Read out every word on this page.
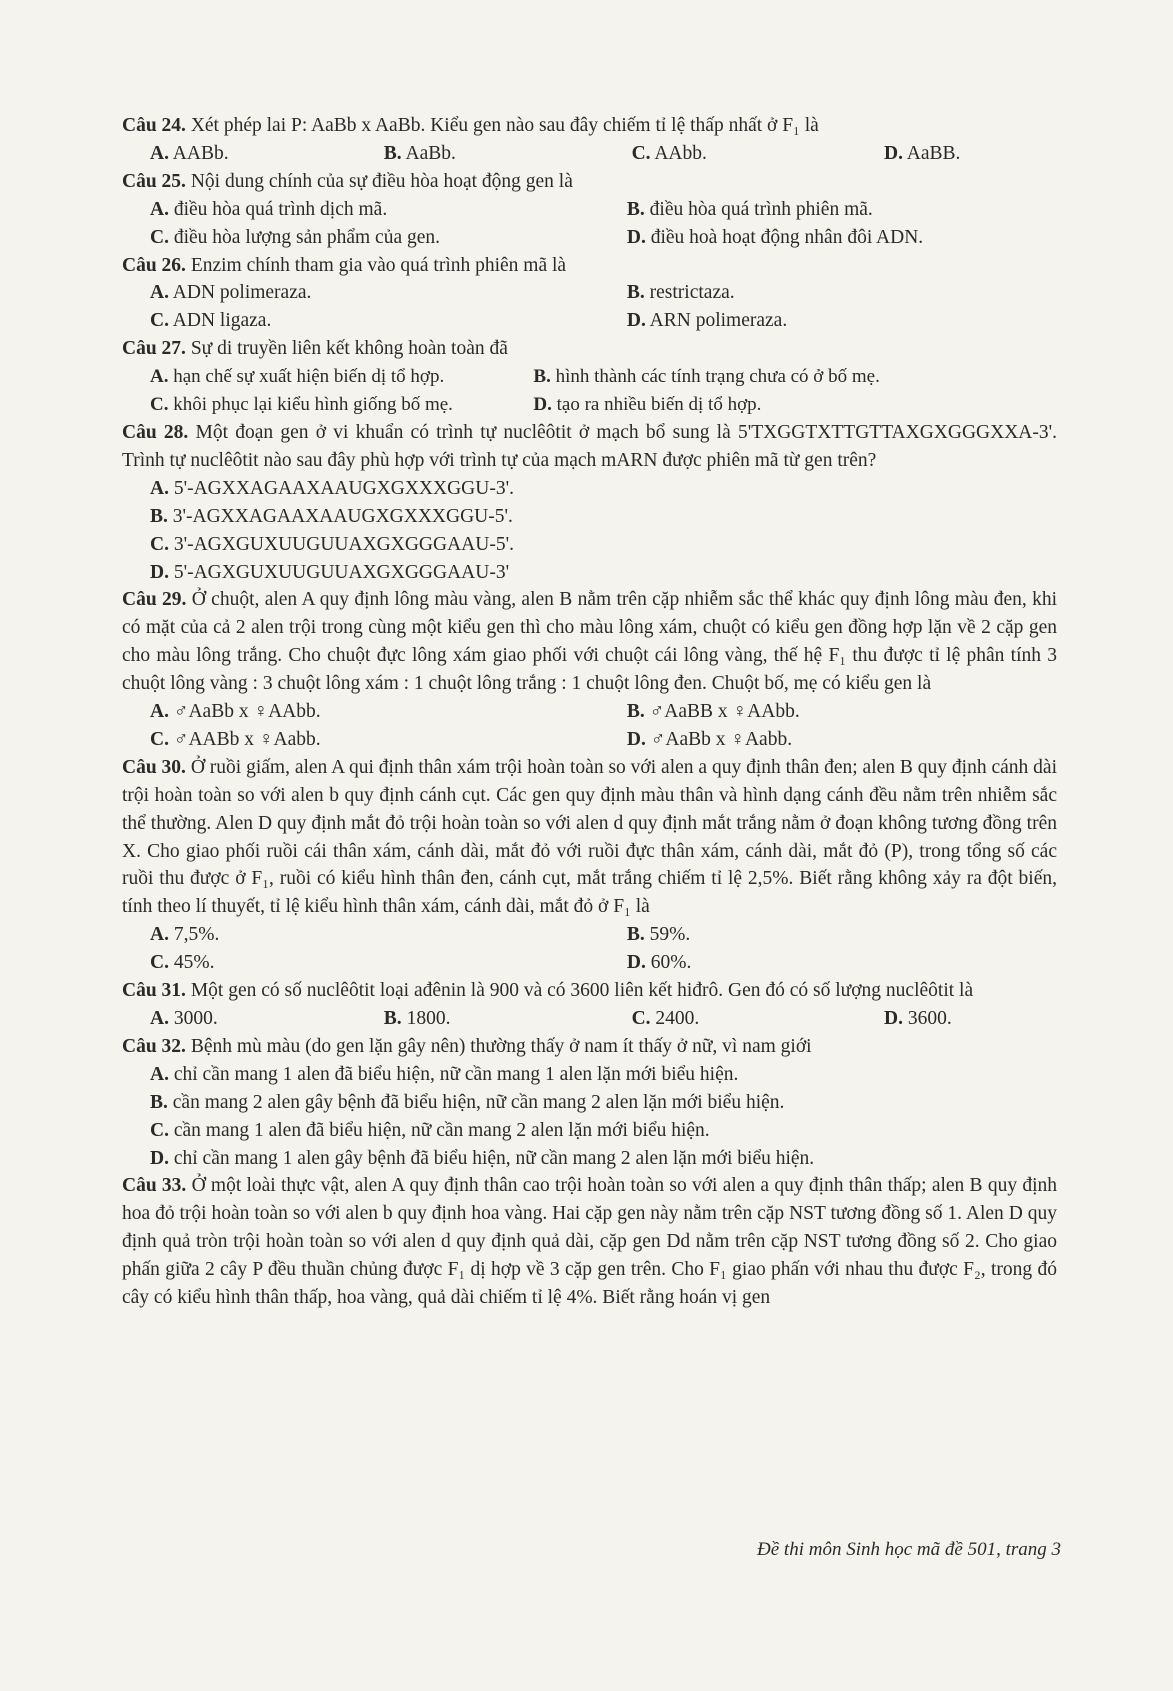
Câu 24. Xét phép lai P: AaBb x AaBb. Kiểu gen nào sau đây chiếm tỉ lệ thấp nhất ở F₁ là

A. AABb.	B. AaBb.	C. AAbb.	D. AaBB.

Câu 25. Nội dung chính của sự điều hòa hoạt động gen là

A. điều hòa quá trình dịch mã.	B. điều hòa quá trình phiên mã.
C. điều hòa lượng sản phẩm của gen.	D. điều hoà hoạt động nhân đôi ADN.

Câu 26. Enzim chính tham gia vào quá trình phiên mã là

A. ADN polimeraza.	B. restrictaza.
C. ADN ligaza.	D. ARN polimeraza.

Câu 27. Sự di truyền liên kết không hoàn toàn đã

A. hạn chế sự xuất hiện biến dị tổ hợp.	B. hình thành các tính trạng chưa có ở bố mẹ.
C. khôi phục lại kiểu hình giống bố mẹ.	D. tạo ra nhiều biến dị tổ hợp.

Câu 28. Một đoạn gen ở vi khuẩn có trình tự nuclêôtit ở mạch bổ sung là 5'TXGGTXTTGTTAXGXGGGXXA-3'. Trình tự nuclêôtit nào sau đây phù hợp với trình tự của mạch mARN được phiên mã từ gen trên?

A. 5'-AGXXAGAAXAAUGXGXXXGGU-3'.
B. 3'-AGXXAGAAXAAUGXGXXXGGU-5'.
C. 3'-AGXGUXUUGUUAXGXGGGAAU-5'.
D. 5'-AGXGUXUUGUUAXGXGGGAAU-3'

Câu 29. Ở chuột, alen A quy định lông màu vàng, alen B nằm trên cặp nhiễm sắc thể khác quy định lông màu đen, khi có mặt của cả 2 alen trội trong cùng một kiểu gen thì cho màu lông xám, chuột có kiểu gen đồng hợp lặn về 2 cặp gen cho màu lông trắng. Cho chuột đực lông xám giao phối với chuột cái lông vàng, thế hệ F₁ thu được tỉ lệ phân tính 3 chuột lông vàng : 3 chuột lông xám : 1 chuột lông trắng : 1 chuột lông đen. Chuột bố, mẹ có kiểu gen là

A. ♂AaBb x ♀AAbb.	B. ♂AaBB x ♀AAbb.
C. ♂AABb x ♀Aabb.	D. ♂AaBb x ♀Aabb.

Câu 30. Ở ruồi giấm, alen A qui định thân xám trội hoàn toàn so với alen a quy định thân đen; alen B quy định cánh dài trội hoàn toàn so với alen b quy định cánh cụt. Các gen quy định màu thân và hình dạng cánh đều nằm trên nhiễm sắc thể thường. Alen D quy định mắt đỏ trội hoàn toàn so với alen d quy định mắt trắng nằm ở đoạn không tương đồng trên X. Cho giao phối ruồi cái thân xám, cánh dài, mắt đỏ với ruồi đực thân xám, cánh dài, mắt đỏ (P), trong tổng số các ruồi thu được ở F₁, ruồi có kiểu hình thân đen, cánh cụt, mắt trắng chiếm tỉ lệ 2,5%. Biết rằng không xảy ra đột biến, tính theo lí thuyết, tỉ lệ kiểu hình thân xám, cánh dài, mắt đỏ ở F₁ là

A. 7,5%.	B. 59%.
C. 45%.	D. 60%.

Câu 31. Một gen có số nuclêôtit loại ađênin là 900 và có 3600 liên kết hiđrô. Gen đó có số lượng nuclêôtit là

A. 3000.	B. 1800.	C. 2400.	D. 3600.

Câu 32. Bệnh mù màu (do gen lặn gây nên) thường thấy ở nam ít thấy ở nữ, vì nam giới

A. chỉ cần mang 1 alen đã biểu hiện, nữ cần mang 1 alen lặn mới biểu hiện.
B. cần mang 2 alen gây bệnh đã biểu hiện, nữ cần mang 2 alen lặn mới biểu hiện.
C. cần mang 1 alen đã biểu hiện, nữ cần mang 2 alen lặn mới biểu hiện.
D. chỉ cần mang 1 alen gây bệnh đã biểu hiện, nữ cần mang 2 alen lặn mới biểu hiện.

Câu 33. Ở một loài thực vật, alen A quy định thân cao trội hoàn toàn so với alen a quy định thân thấp; alen B quy định hoa đỏ trội hoàn toàn so với alen b quy định hoa vàng. Hai cặp gen này nằm trên cặp NST tương đồng số 1. Alen D quy định quả tròn trội hoàn toàn so với alen d quy định quả dài, cặp gen Dd nằm trên cặp NST tương đồng số 2. Cho giao phấn giữa 2 cây P đều thuần chủng được F₁ dị hợp về 3 cặp gen trên. Cho F₁ giao phấn với nhau thu được F₂, trong đó cây có kiểu hình thân thấp, hoa vàng, quả dài chiếm tỉ lệ 4%. Biết rằng hoán vị gen

Đề thi môn Sinh học mã đề 501, trang 3
